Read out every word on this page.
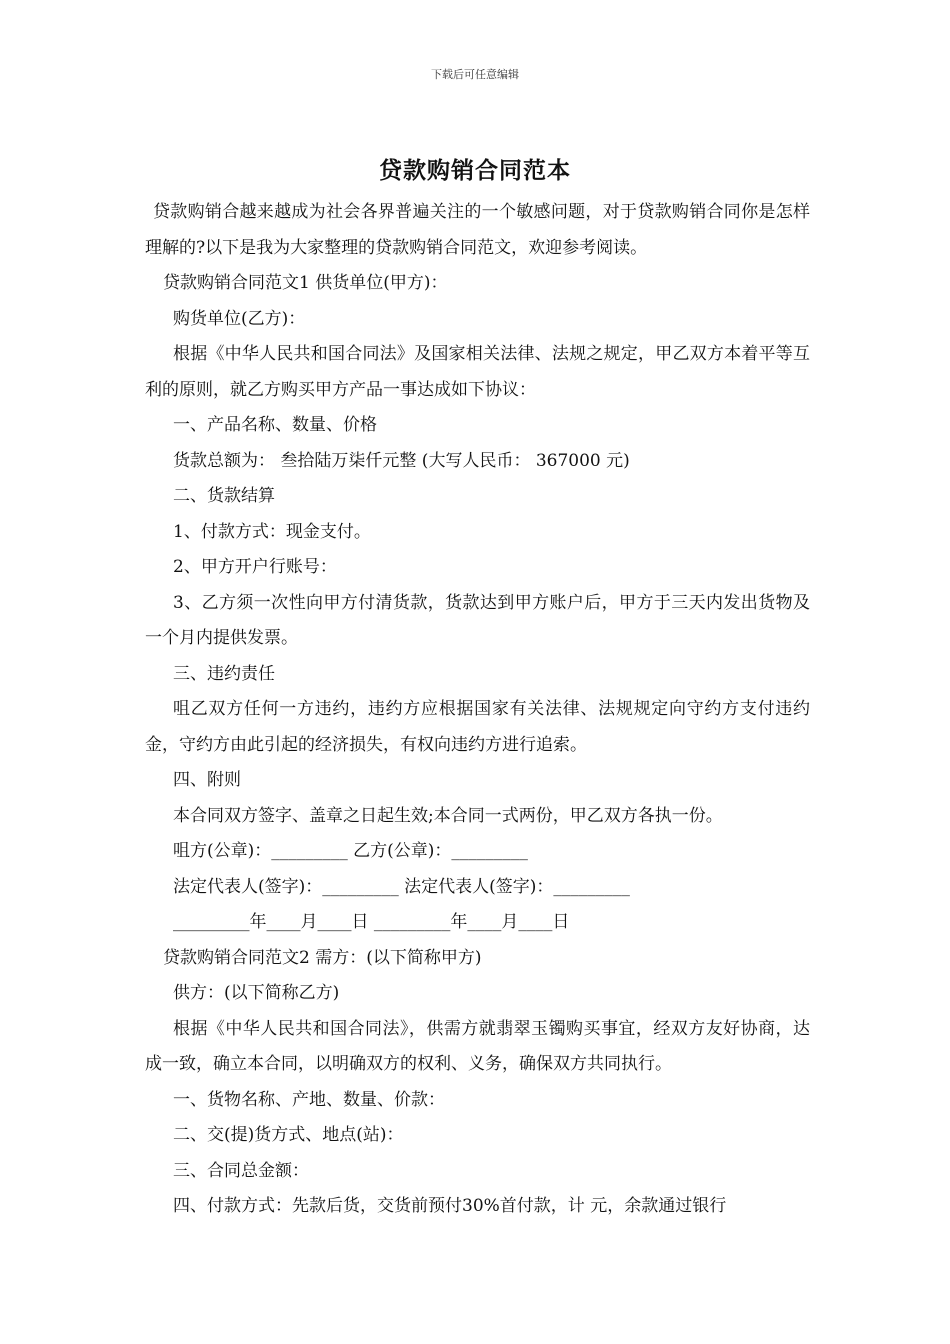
下载后可任意编辑
贷款购销合同范本

贷款购销合越来越成为社会各界普遍关注的一个敏感问题，对于贷款购销合同你是怎样理解的?以下是我为大家整理的贷款购销合同范文，欢迎参考阅读。

贷款购销合同范文1 供货单位(甲方)：

购货单位(乙方)：

根据《中华人民共和国合同法》及国家相关法律、法规之规定，甲乙双方本着平等互利的原则，就乙方购买甲方产品一事达成如下协议：

一、产品名称、数量、价格

货款总额为： 叁拾陆万柒仟元整 (大写人民币： 367000 元)

二、货款结算

1、付款方式：现金支付。

2、甲方开户行账号：

3、乙方须一次性向甲方付清货款，货款达到甲方账户后，甲方于三天内发出货物及一个月内提供发票。

三、违约责任

咀乙双方任何一方违约，违约方应根据国家有关法律、法规规定向守约方支付违约金，守约方由此引起的经济损失，有权向违约方进行追索。

四、附则

本合同双方签字、盖章之日起生效;本合同一式两份，甲乙双方各执一份。

咀方(公章)：_________ 乙方(公章)：_________

法定代表人(签字)：_________ 法定代表人(签字)：_________

_________年____月____日 _________年____月____日

贷款购销合同范文2 需方：(以下简称甲方)

供方：(以下简称乙方)

根据《中华人民共和国合同法》，供需方就翡翠玉镯购买事宜，经双方友好协商，达成一致，确立本合同，以明确双方的权利、义务，确保双方共同执行。

一、货物名称、产地、数量、价款：

二、交(提)货方式、地点(站)：

三、合同总金额：

四、付款方式：先款后货，交货前预付30%首付款，计 元，余款通过银行
